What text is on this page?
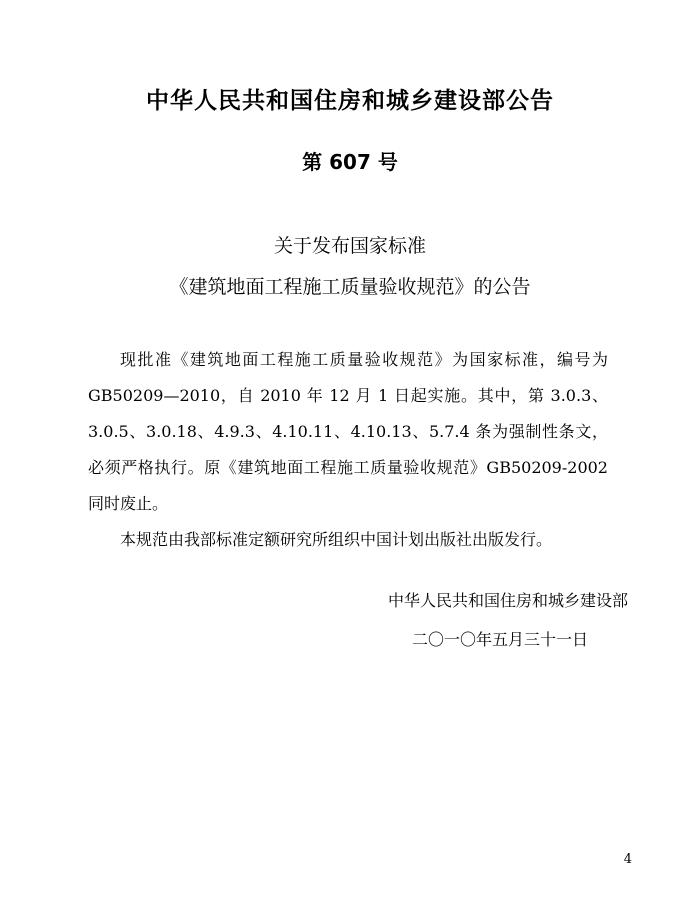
中华人民共和国住房和城乡建设部公告
第 607 号
关于发布国家标准
《建筑地面工程施工质量验收规范》的公告

现批准《建筑地面工程施工质量验收规范》为国家标准，编号为GB50209—2010，自 2010 年 12 月 1 日起实施。其中，第 3.0.3、3.0.5、3.0.18、4.9.3、4.10.11、4.10.13、5.7.4 条为强制性条文，必须严格执行。原《建筑地面工程施工质量验收规范》GB50209-2002 同时废止。

本规范由我部标准定额研究所组织中国计划出版社出版发行。

中华人民共和国住房和城乡建设部
二〇一〇年五月三十一日
4
